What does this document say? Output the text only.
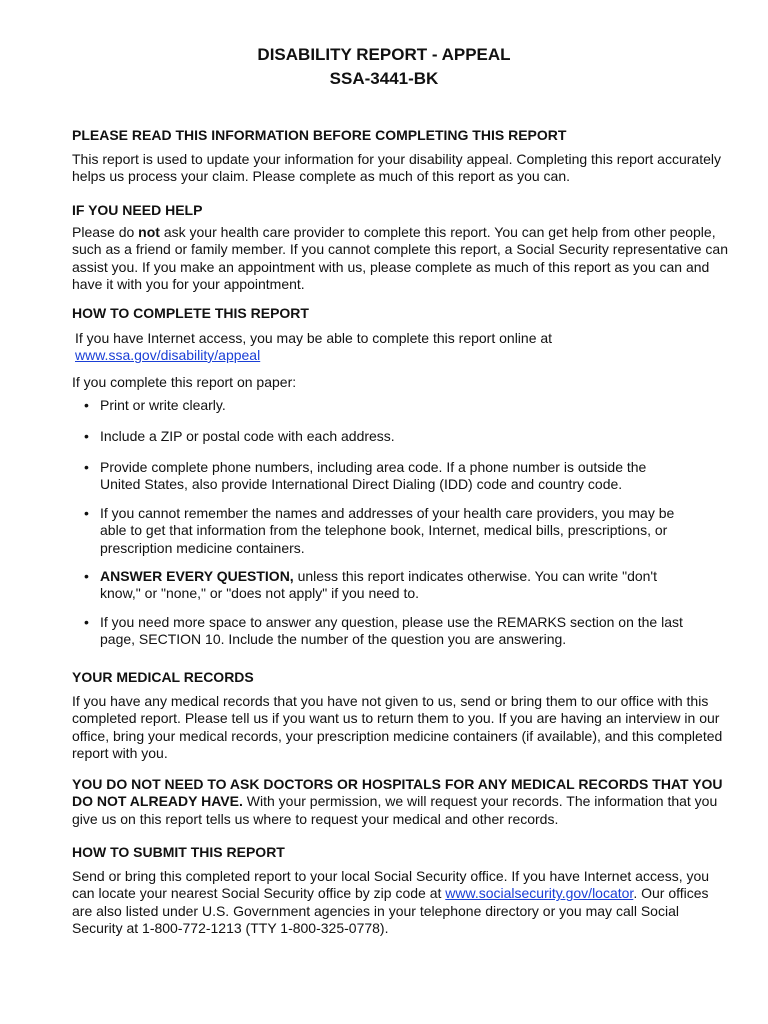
DISABILITY REPORT - APPEAL
SSA-3441-BK
PLEASE READ THIS INFORMATION BEFORE COMPLETING THIS REPORT
This report is used to update your information for your disability appeal. Completing this report accurately helps us process your claim. Please complete as much of this report as you can.
IF YOU NEED HELP
Please do not ask your health care provider to complete this report. You can get help from other people, such as a friend or family member. If you cannot complete this report, a Social Security representative can assist you. If you make an appointment with us, please complete as much of this report as you can and have it with you for your appointment.
HOW TO COMPLETE THIS REPORT
If you have Internet access, you may be able to complete this report online at
www.ssa.gov/disability/appeal
If you complete this report on paper:
• Print or write clearly.
• Include a ZIP or postal code with each address.
• Provide complete phone numbers, including area code. If a phone number is outside the United States, also provide International Direct Dialing (IDD) code and country code.
• If you cannot remember the names and addresses of your health care providers, you may be able to get that information from the telephone book, Internet, medical bills, prescriptions, or prescription medicine containers.
• ANSWER EVERY QUESTION, unless this report indicates otherwise. You can write "don't know," or "none," or "does not apply" if you need to.
• If you need more space to answer any question, please use the REMARKS section on the last page, SECTION 10. Include the number of the question you are answering.
YOUR MEDICAL RECORDS
If you have any medical records that you have not given to us, send or bring them to our office with this completed report. Please tell us if you want us to return them to you. If you are having an interview in our office, bring your medical records, your prescription medicine containers (if available), and this completed report with you.
YOU DO NOT NEED TO ASK DOCTORS OR HOSPITALS FOR ANY MEDICAL RECORDS THAT YOU DO NOT ALREADY HAVE. With your permission, we will request your records. The information that you give us on this report tells us where to request your medical and other records.
HOW TO SUBMIT THIS REPORT
Send or bring this completed report to your local Social Security office. If you have Internet access, you can locate your nearest Social Security office by zip code at www.socialsecurity.gov/locator. Our offices are also listed under U.S. Government agencies in your telephone directory or you may call Social Security at 1-800-772-1213 (TTY 1-800-325-0778).
